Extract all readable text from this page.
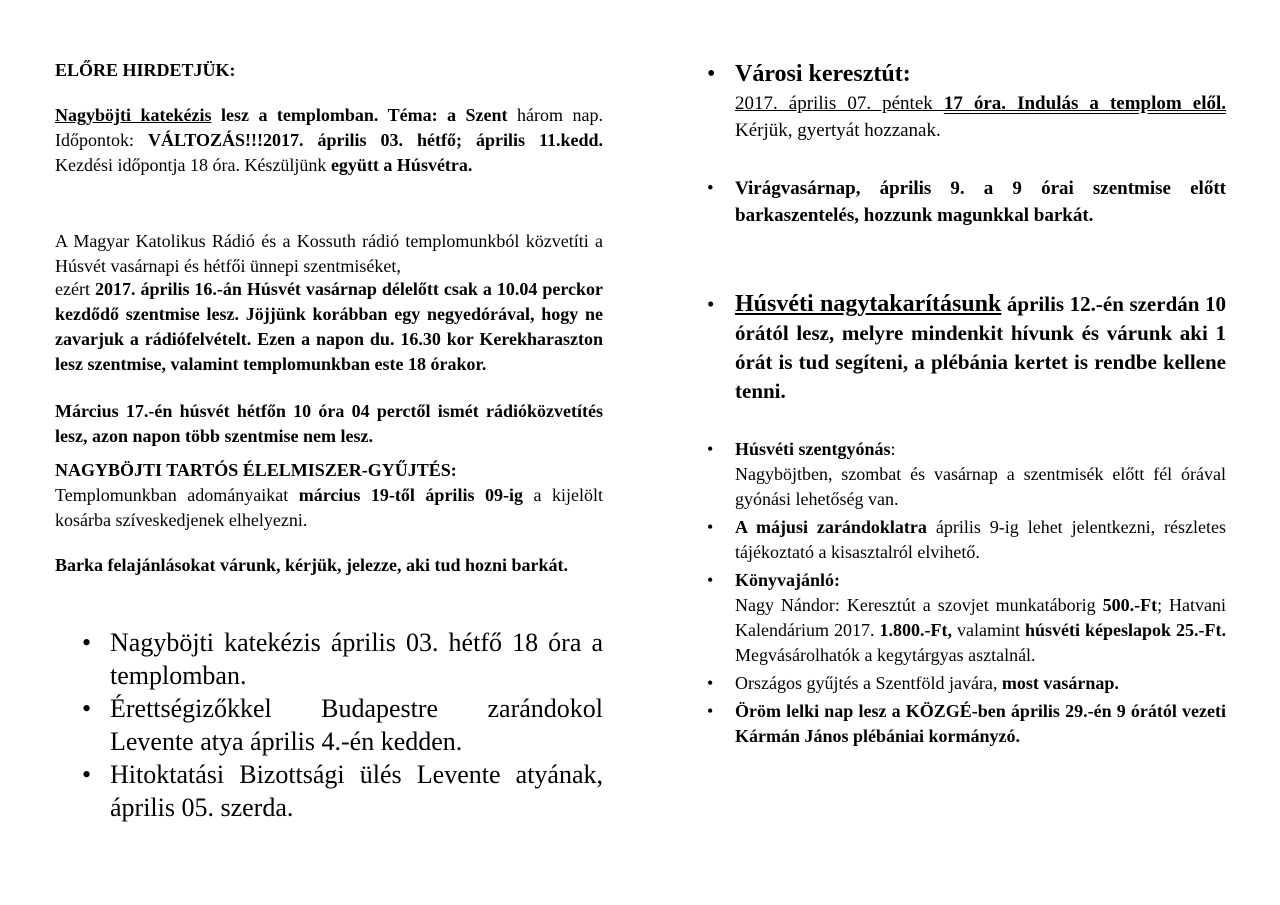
ELŐRE HIRDETJÜK:

Nagyböjti katekézis lesz a templomban. Téma: a Szent három nap. Időpontok: VÁLTOZÁS!!!2017. április 03. hétfő; április 11.kedd. Kezdési időpontja 18 óra. Készüljünk együtt a Húsvétra.

A Magyar Katolikus Rádió és a Kossuth rádió templomunkból közvetíti a Húsvét vasárnapi és hétfői ünnepi szentmiséket,

ezért 2017. április 16.-án Húsvét vasárnap délelőtt csak a 10.04 perckor kezdődő szentmise lesz. Jöjjünk korábban egy negyedórával, hogy ne zavarjuk a rádiófelvételt. Ezen a napon du. 16.30 kor Kerekharaszton lesz szentmise, valamint templomunkban este 18 órakor.

Március 17.-én húsvét hétfőn 10 óra 04 perctől ismét rádióközvetítés lesz, azon napon több szentmise nem lesz.

NAGYBÖJTI TARTÓS ÉLELMISZER-GYŰJTÉS:

Templomunkban adományaikat március 19-től április 09-ig a kijelölt kosárba szíveskedjenek elhelyezni.

Barka felajánlásokat várunk, kérjük, jelezze, aki tud hozni barkát.

• Nagyböjti katekézis április 03. hétfő 18 óra a templomban.
• Érettségizőkkel Budapestre zarándokol Levente atya április 4.-én kedden.
• Hitoktatási Bizottsági ülés Levente atyának, április 05. szerda.
• Városi keresztút:

2017. április 07. péntek 17 óra. Indulás a templom elől. Kérjük, gyertyát hozzanak.

• Virágvasárnap, április 9. a 9 órai szentmise előtt barkaszentelés, hozzunk magunkkal barkát.
• Húsvéti nagytakarításunk április 12.-én szerdán 10 órától lesz, melyre mindenkit hívunk és várunk aki 1 órát is tud segíteni, a plébánia kertet is rendbe kellene tenni.
• Húsvéti szentgyónás:
Nagyböjtben, szombat és vasárnap a szentmisék előtt fél órával gyónási lehetőség van.
• A májusi zarándoklatra április 9-ig lehet jelentkezni, részletes tájékoztató a kisasztalról elvihető.
• Könyvajánló:
Nagy Nándor: Keresztút a szovjet munkatáborig 500.-Ft; Hatvani Kalendárium 2017. 1.800.-Ft, valamint húsvéti képeslapok 25.-Ft. Megvásárolhatók a kegytárgyas asztalnál.
• Országos gyűjtés a Szentföld javára, most vasárnap.
• Öröm lelki nap lesz a KÖZGÉ-ben április 29.-én 9 órától vezeti Kármán János plébániai kormányzó.
